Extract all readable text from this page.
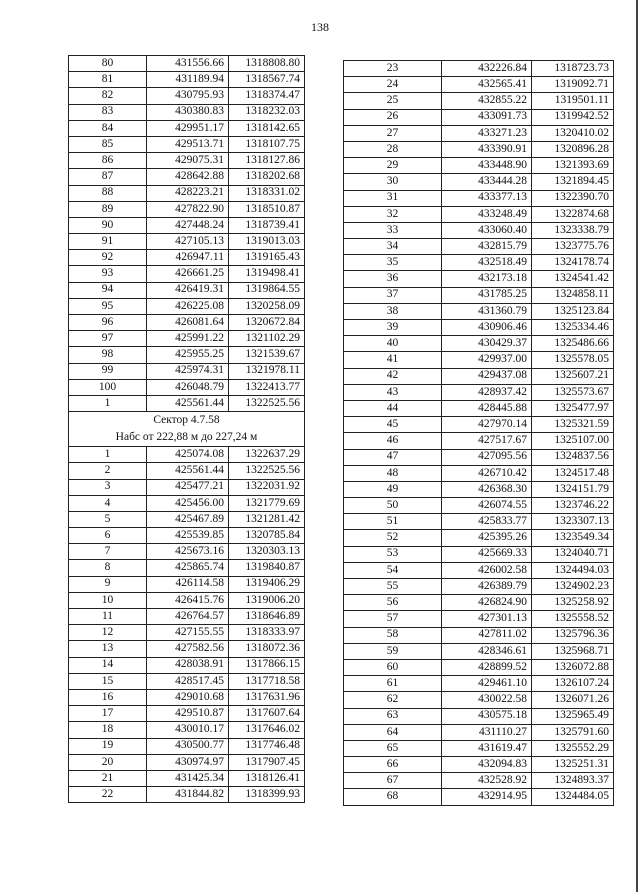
138
80	431556.66	1318808.80
81	431189.94	1318567.74
82	430795.93	1318374.47
83	430380.83	1318232.03
84	429951.17	1318142.65
85	429513.71	1318107.75
86	429075.31	1318127.86
87	428642.88	1318202.68
88	428223.21	1318331.02
89	427822.90	1318510.87
90	427448.24	1318739.41
91	427105.13	1319013.03
92	426947.11	1319165.43
93	426661.25	1319498.41
94	426419.31	1319864.55
95	426225.08	1320258.09
96	426081.64	1320672.84
97	425991.22	1321102.29
98	425955.25	1321539.67
99	425974.31	1321978.11
100	426048.79	1322413.77
1	425561.44	1322525.56
Сектор 4.7.58		
Набс от 222,88 м до 227,24 м		
1	425074.08	1322637.29
2	425561.44	1322525.56
3	425477.21	1322031.92
4	425456.00	1321779.69
5	425467.89	1321281.42
6	425539.85	1320785.84
7	425673.16	1320303.13
8	425865.74	1319840.87
9	426114.58	1319406.29
10	426415.76	1319006.20
11	426764.57	1318646.89
12	427155.55	1318333.97
13	427582.56	1318072.36
14	428038.91	1317866.15
15	428517.45	1317718.58
16	429010.68	1317631.96
17	429510.87	1317607.64
18	430010.17	1317646.02
19	430500.77	1317746.48
20	430974.97	1317907.45
21	431425.34	1318126.41
22	431844.82	1318399.93
23	432226.84	1318723.73
24	432565.41	1319092.71
25	432855.22	1319501.11
26	433091.73	1319942.52
27	433271.23	1320410.02
28	433390.91	1320896.28
29	433448.90	1321393.69
30	433444.28	1321894.45
31	433377.13	1322390.70
32	433248.49	1322874.68
33	433060.40	1323338.79
34	432815.79	1323775.76
35	432518.49	1324178.74
36	432173.18	1324541.42
37	431785.25	1324858.11
38	431360.79	1325123.84
39	430906.46	1325334.46
40	430429.37	1325486.66
41	429937.00	1325578.05
42	429437.08	1325607.21
43	428937.42	1325573.67
44	428445.88	1325477.97
45	427970.14	1325321.59
46	427517.67	1325107.00
47	427095.56	1324837.56
48	426710.42	1324517.48
49	426368.30	1324151.79
50	426074.55	1323746.22
51	425833.77	1323307.13
52	425395.26	1323549.34
53	425669.33	1324040.71
54	426002.58	1324494.03
55	426389.79	1324902.23
56	426824.90	1325258.92
57	427301.13	1325558.52
58	427811.02	1325796.36
59	428346.61	1325968.71
60	428899.52	1326072.88
61	429461.10	1326107.24
62	430022.58	1326071.26
63	430575.18	1325965.49
64	431110.27	1325791.60
65	431619.47	1325552.29
66	432094.83	1325251.31
67	432528.92	1324893.37
68	432914.95	1324484.05
